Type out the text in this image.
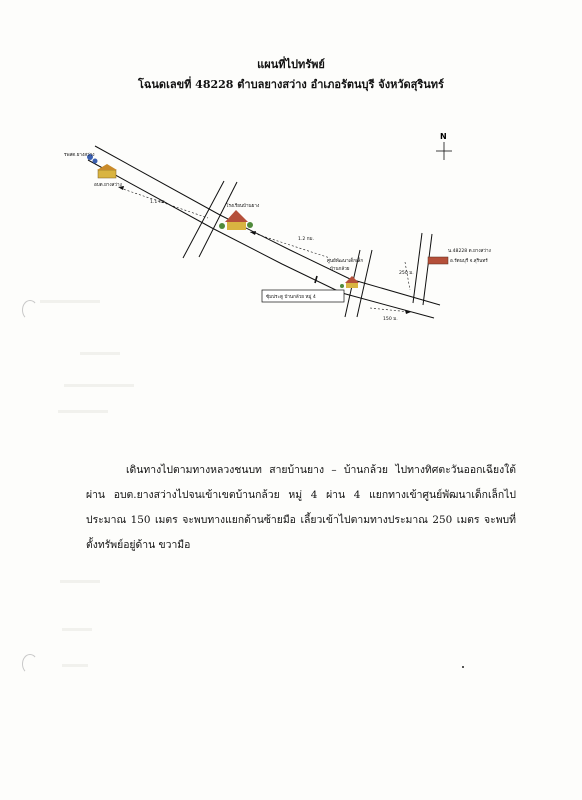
แผนที่ไปทรัพย์
โฉนดเลขที่ 48228 ตำบลยางสว่าง อำเภอรัตนบุรี จังหวัดสุรินทร์
N
รพสต.ยางสว่าง
อบต.ยางสว่าง
1.1 กม.
โรงเรียนบ้านยาง
1.2 กม.
ศูนย์พัฒนาเด็กเล็ก
บ้านกล้วย
น.48228 ต.ยางสว่าง
อ.รัตนบุรี จ.สุรินทร์
250 ม.
150 ม.
ซุ้มประตู บ้านกล้วย หมู่ 4
เดินทางไปตามทางหลวงชนบท สายบ้านยาง – บ้านกล้วย ไปทางทิศตะวันออกเฉียงใต้ ผ่าน อบต.ยางสว่างไปจนเข้าเขตบ้านกล้วย หมู่ 4 ผ่าน 4 แยกทางเข้าศูนย์พัฒนาเด็กเล็กไปประมาณ 150 เมตร จะพบทางแยกด้านซ้ายมือ เลี้ยวเข้าไปตามทางประมาณ 250 เมตร จะพบที่ตั้งทรัพย์อยู่ด้าน ขวามือ
